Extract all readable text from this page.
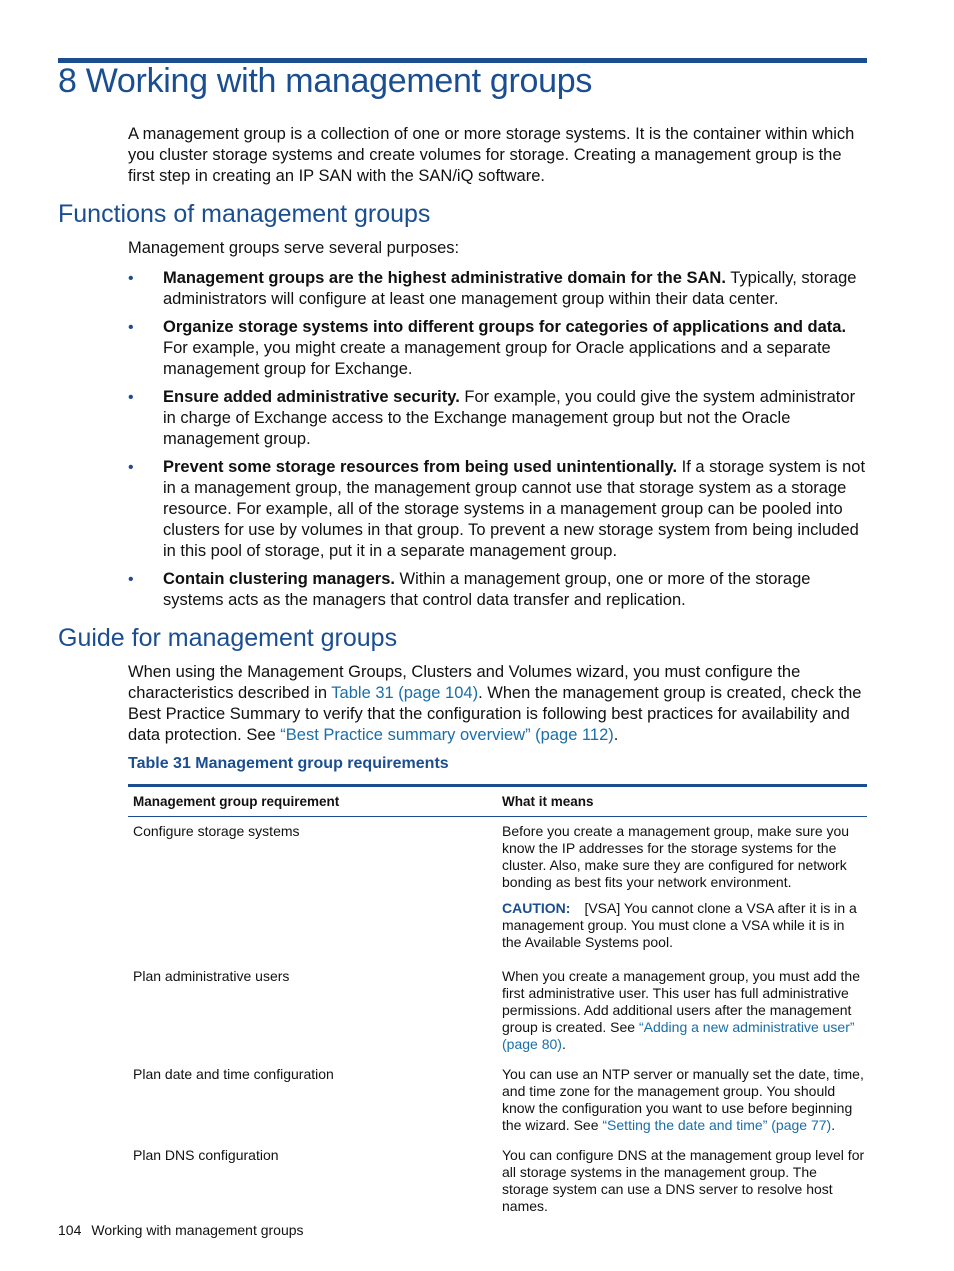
8 Working with management groups

A management group is a collection of one or more storage systems. It is the container within which you cluster storage systems and create volumes for storage. Creating a management group is the first step in creating an IP SAN with the SAN/iQ software.

Functions of management groups

Management groups serve several purposes:

• Management groups are the highest administrative domain for the SAN. Typically, storage administrators will configure at least one management group within their data center.
• Organize storage systems into different groups for categories of applications and data. For example, you might create a management group for Oracle applications and a separate management group for Exchange.
• Ensure added administrative security. For example, you could give the system administrator in charge of Exchange access to the Exchange management group but not the Oracle management group.
• Prevent some storage resources from being used unintentionally. If a storage system is not in a management group, the management group cannot use that storage system as a storage resource. For example, all of the storage systems in a management group can be pooled into clusters for use by volumes in that group. To prevent a new storage system from being included in this pool of storage, put it in a separate management group.
• Contain clustering managers. Within a management group, one or more of the storage systems acts as the managers that control data transfer and replication.
Guide for management groups

When using the Management Groups, Clusters and Volumes wizard, you must configure the characteristics described in Table 31 (page 104). When the management group is created, check the Best Practice Summary to verify that the configuration is following best practices for availability and data protection. See “Best Practice summary overview” (page 112).

Table 31 Management group requirements

Management group requirement	What it means
Configure storage systems	Before you create a management group, make sure you know the IP addresses for the storage systems for the cluster. Also, make sure they are configured for network bonding as best fits your network environment.

CAUTION: [VSA] You cannot clone a VSA after it is in a management group. You must clone a VSA while it is in the Available Systems pool.

Plan administrative users	When you create a management group, you must add the first administrative user. This user has full administrative permissions. Add additional users after the management group is created. See “Adding a new administrative user” (page 80).

Plan date and time configuration	You can use an NTP server or manually set the date, time, and time zone for the management group. You should know the configuration you want to use before beginning the wizard. See “Setting the date and time” (page 77).

Plan DNS configuration	You can configure DNS at the management group level for all storage systems in the management group. The storage system can use a DNS server to resolve host names.

104 Working with management groups
